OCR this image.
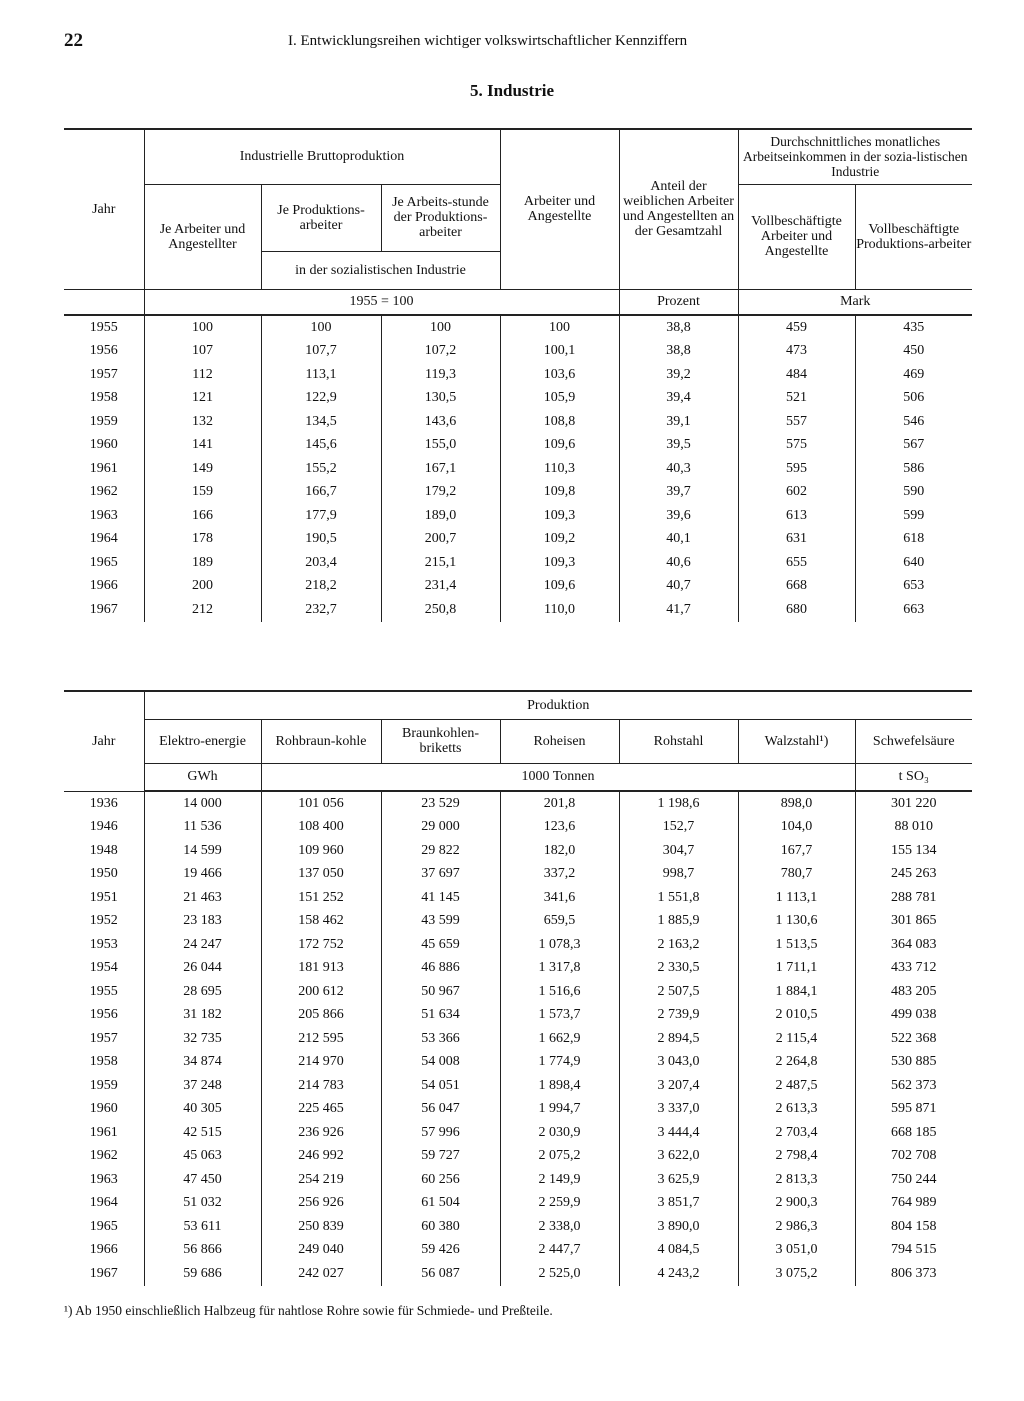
22	I. Entwicklungsreihen wichtiger volkswirtschaftlicher Kennziffern
5. Industrie
Jahr	Industrielle Bruttoproduktion			Arbeiter und Angestellte	Anteil der weiblichen Arbeiter und Angestellten an der Gesamtzahl	Durchschnittliches monatliches Arbeitseinkommen in der sozia-listischen Industrie	
	Je Arbeiter und Angestellter	Je Produktions-arbeiter	Je Arbeits-stunde der Produktions-arbeiter			Vollbeschäftigte Arbeiter und Angestellte	Vollbeschäftigte Produktions-arbeiter
		in der sozialistischen Industrie					

	1955 = 100				Prozent	Mark	
1955	100	100	100	100	38,8	459	435
1956	107	107,7	107,2	100,1	38,8	473	450
1957	112	113,1	119,3	103,6	39,2	484	469
1958	121	122,9	130,5	105,9	39,4	521	506
1959	132	134,5	143,6	108,8	39,1	557	546
1960	141	145,6	155,0	109,6	39,5	575	567
1961	149	155,2	167,1	110,3	40,3	595	586
1962	159	166,7	179,2	109,8	39,7	602	590
1963	166	177,9	189,0	109,3	39,6	613	599
1964	178	190,5	200,7	109,2	40,1	631	618
1965	189	203,4	215,1	109,3	40,6	655	640
1966	200	218,2	231,4	109,6	40,7	668	653
1967	212	232,7	250,8	110,0	41,7	680	663
Jahr	Produktion						
	Elektro-energie	Rohbraun-kohle	Braunkohlen-briketts	Roheisen	Rohstahl	Walzstahl¹)	Schwefelsäure
	GWh	1000 Tonnen					t SO₃
1936	14 000	101 056	23 529	201,8	1 198,6	898,0	301 220
1946	11 536	108 400	29 000	123,6	152,7	104,0	88 010
1948	14 599	109 960	29 822	182,0	304,7	167,7	155 134
1950	19 466	137 050	37 697	337,2	998,7	780,7	245 263
1951	21 463	151 252	41 145	341,6	1 551,8	1 113,1	288 781
1952	23 183	158 462	43 599	659,5	1 885,9	1 130,6	301 865
1953	24 247	172 752	45 659	1 078,3	2 163,2	1 513,5	364 083
1954	26 044	181 913	46 886	1 317,8	2 330,5	1 711,1	433 712
1955	28 695	200 612	50 967	1 516,6	2 507,5	1 884,1	483 205
1956	31 182	205 866	51 634	1 573,7	2 739,9	2 010,5	499 038
1957	32 735	212 595	53 366	1 662,9	2 894,5	2 115,4	522 368
1958	34 874	214 970	54 008	1 774,9	3 043,0	2 264,8	530 885
1959	37 248	214 783	54 051	1 898,4	3 207,4	2 487,5	562 373
1960	40 305	225 465	56 047	1 994,7	3 337,0	2 613,3	595 871
1961	42 515	236 926	57 996	2 030,9	3 444,4	2 703,4	668 185
1962	45 063	246 992	59 727	2 075,2	3 622,0	2 798,4	702 708
1963	47 450	254 219	60 256	2 149,9	3 625,9	2 813,3	750 244
1964	51 032	256 926	61 504	2 259,9	3 851,7	2 900,3	764 989
1965	53 611	250 839	60 380	2 338,0	3 890,0	2 986,3	804 158
1966	56 866	249 040	59 426	2 447,7	4 084,5	3 051,0	794 515
1967	59 686	242 027	56 087	2 525,0	4 243,2	3 075,2	806 373
¹) Ab 1950 einschließlich Halbzeug für nahtlose Rohre sowie für Schmiede- und Preßteile.
